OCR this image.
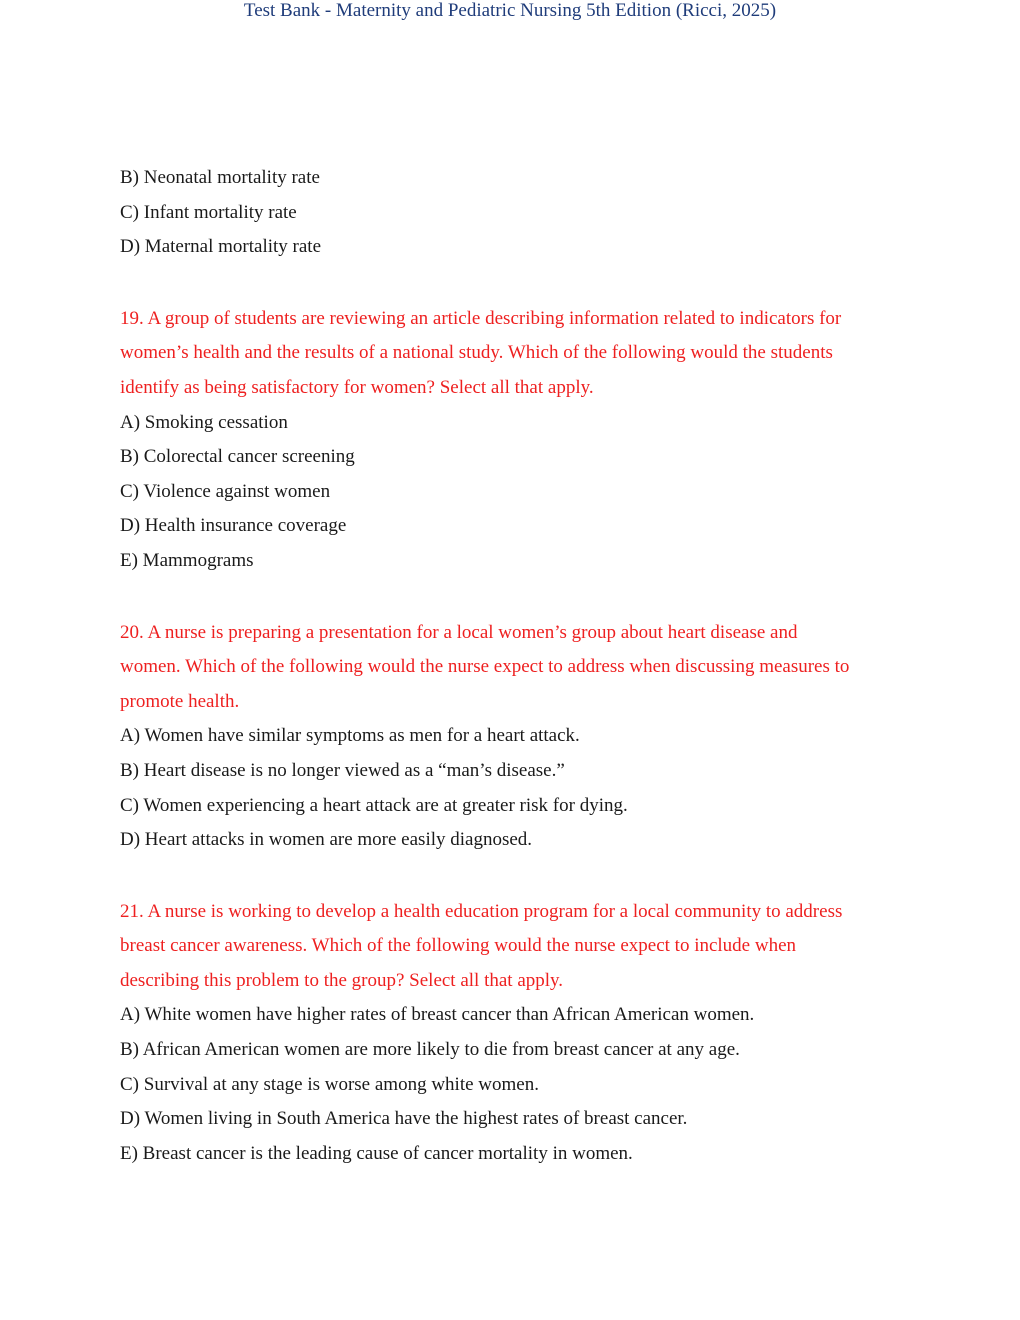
Test Bank - Maternity and Pediatric Nursing 5th Edition (Ricci, 2025)

B) Neonatal mortality rate

C) Infant mortality rate

D) Maternal mortality rate

19. A group of students are reviewing an article describing information related to indicators for

women’s health and the results of a national study. Which of the following would the students

identify as being satisfactory for women? Select all that apply.

A) Smoking cessation

B) Colorectal cancer screening

C) Violence against women

D) Health insurance coverage

E) Mammograms

20. A nurse is preparing a presentation for a local women’s group about heart disease and

women. Which of the following would the nurse expect to address when discussing measures to

promote health.

A) Women have similar symptoms as men for a heart attack.

B) Heart disease is no longer viewed as a “man’s disease.”

C) Women experiencing a heart attack are at greater risk for dying.

D) Heart attacks in women are more easily diagnosed.

21. A nurse is working to develop a health education program for a local community to address

breast cancer awareness. Which of the following would the nurse expect to include when

describing this problem to the group? Select all that apply.

A) White women have higher rates of breast cancer than African American women.

B) African American women are more likely to die from breast cancer at any age.

C) Survival at any stage is worse among white women.

D) Women living in South America have the highest rates of breast cancer.

E) Breast cancer is the leading cause of cancer mortality in women.
